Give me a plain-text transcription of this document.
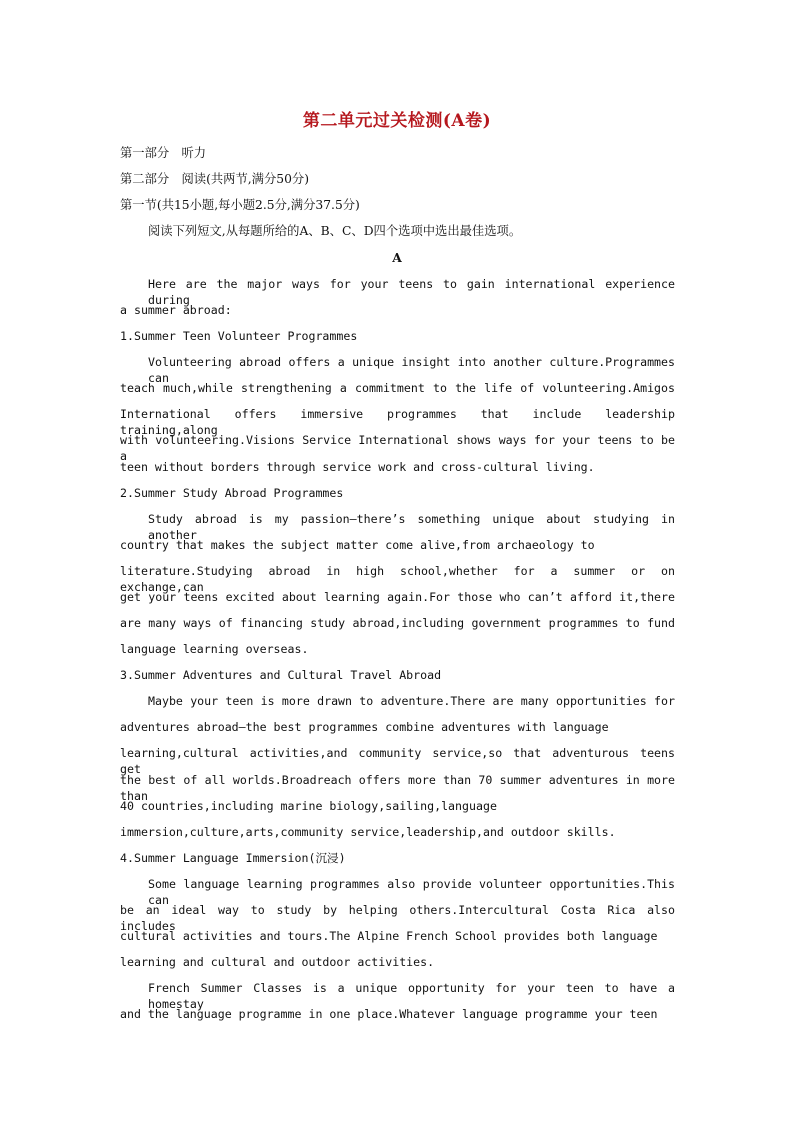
第二单元过关检测(A卷)
第一部分　听力
第二部分　阅读(共两节,满分50分)
第一节(共15小题,每小题2.5分,满分37.5分)
阅读下列短文,从每题所给的A、B、C、D四个选项中选出最佳选项。
A
Here are the major ways for your teens to gain international experience during
a summer abroad:
1.Summer Teen Volunteer Programmes
Volunteering abroad offers a unique insight into another culture.Programmes can
teach much,while strengthening a commitment to the life of volunteering.Amigos
International offers immersive programmes that include leadership training,along
with volunteering.Visions Service International shows ways for your teens to be a
teen without borders through service work and cross-cultural living.
2.Summer Study Abroad Programmes
Study abroad is my passion—there’s something unique about studying in another
country that makes the subject matter come alive,from archaeology to
literature.Studying abroad in high school,whether for a summer or on exchange,can
get your teens excited about learning again.For those who can’t afford it,there
are many ways of financing study abroad,including government programmes to fund
language learning overseas.
3.Summer Adventures and Cultural Travel Abroad
Maybe your teen is more drawn to adventure.There are many opportunities for
adventures abroad—the best programmes combine adventures with language
learning,cultural activities,and community service,so that adventurous teens get
the best of all worlds.Broadreach offers more than 70 summer adventures in more than
40 countries,including marine biology,sailing,language
immersion,culture,arts,community service,leadership,and outdoor skills.
4.Summer Language Immersion(沉浸)
Some language learning programmes also provide volunteer opportunities.This can
be an ideal way to study by helping others.Intercultural Costa Rica also includes
cultural activities and tours.The Alpine French School provides both language
learning and cultural and outdoor activities.
French Summer Classes is a unique opportunity for your teen to have a homestay
and the language programme in one place.Whatever language programme your teen
